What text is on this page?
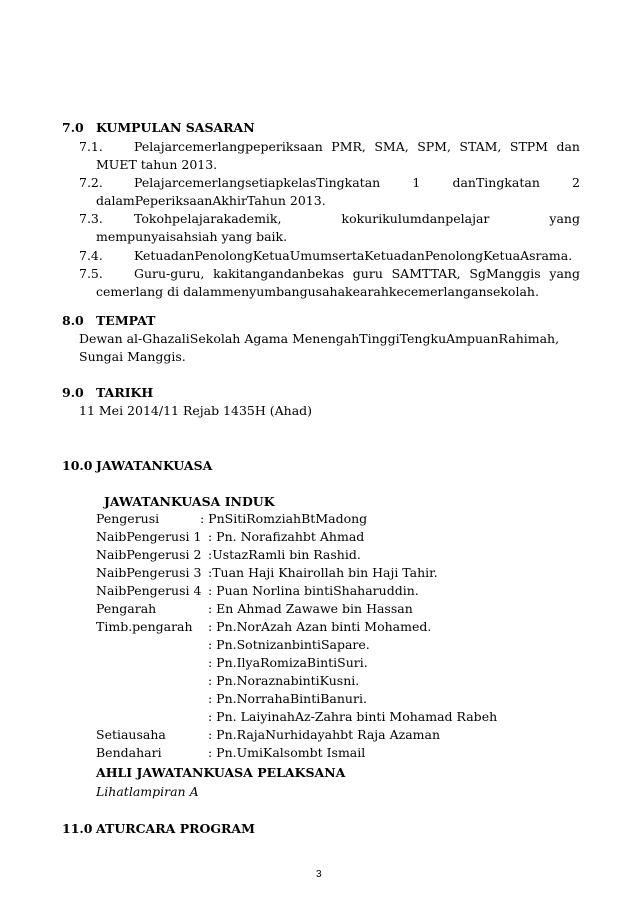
7.0 KUMPULAN SASARAN
7.1. Pelajarcemerlangpeperiksaan PMR, SMA, SPM, STAM, STPM dan
MUET tahun 2013.
7.2. PelajarcemerlangsetiapkelasTingkatan	1	danTingkatan	2
dalamPeperiksaanAkhirTahun 2013.
7.3. Tokohpelajarakademik,	kokurikulumdanpelajar	yang
mempunyaisahsiah yang baik.
7.4. KetuadanPenolongKetuaUmumsertaKetuadanPenolongKetuaAsrama.
7.5. Guru-guru, kakitangandanbekas guru SAMTTAR, SgManggis yang
cemerlang di dalammenyumbangusahakearahkecemerlangansekolah.
8.0 TEMPAT
Dewan al-GhazaliSekolah Agama MenengahTinggiTengkuAmpuanRahimah,
Sungai Manggis.
9.0 TARIKH
11 Mei 2014/11 Rejab 1435H (Ahad)
10.0 JAWATANKUASA
JAWATANKUASA INDUK
Pengerusi	: PnSitiRomziahBtMadong
NaibPengerusi 1 : Pn. Norafizahbt Ahmad
NaibPengerusi 2 :UstazRamli bin Rashid.
NaibPengerusi 3 :Tuan Haji Khairollah bin Haji Tahir.
NaibPengerusi 4 : Puan Norlina bintiShaharuddin.
Pengarah	: En Ahmad Zawawe bin Hassan
Timb.pengarah : Pn.NorAzah Azan binti Mohamed.
: Pn.SotnizanbintiSapare.
: Pn.IlyaRomizaBintiSuri.
: Pn.NoraznabintiKusni.
: Pn.NorrahaBintiBanuri.
: Pn. LaiyinahAz-Zahra binti Mohamad Rabeh
Setiausaha	: Pn.RajaNurhidayahbt Raja Azaman
Bendahari	: Pn.UmiKalsombt Ismail
AHLI JAWATANKUASA PELAKSANA
Lihatlampiran A
11.0 ATURCARA PROGRAM
3
